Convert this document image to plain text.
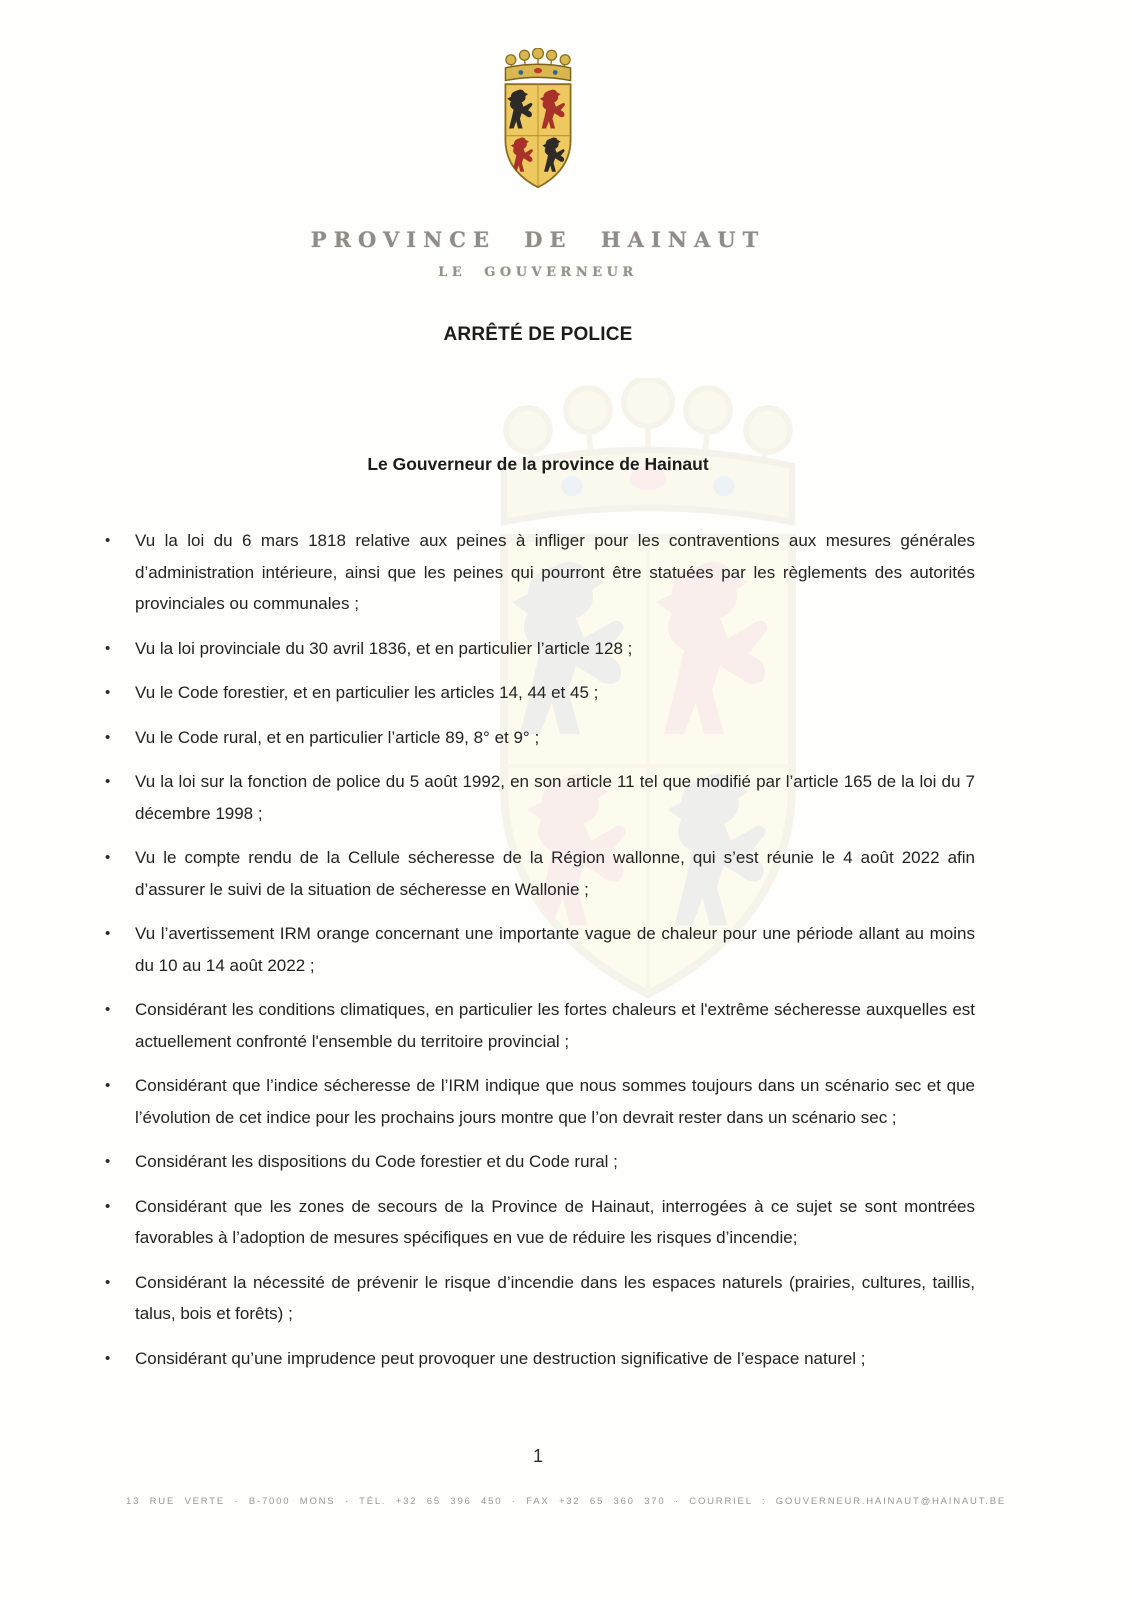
PROVINCE DE HAINAUT
LE GOUVERNEUR
ARRÊTÉ DE POLICE
Le Gouverneur de la province de Hainaut
• Vu la loi du 6 mars 1818 relative aux peines à infliger pour les contraventions aux mesures générales d’administration intérieure, ainsi que les peines qui pourront être statuées par les règlements des autorités provinciales ou communales ;
• Vu la loi provinciale du 30 avril 1836, et en particulier l’article 128 ;
• Vu le Code forestier, et en particulier les articles 14, 44 et 45 ;
• Vu le Code rural, et en particulier l’article 89, 8° et 9° ;
• Vu la loi sur la fonction de police du 5 août 1992, en son article 11 tel que modifié par l’article 165 de la loi du 7 décembre 1998 ;
• Vu le compte rendu de la Cellule sécheresse de la Région wallonne, qui s’est réunie le 4 août 2022 afin d’assurer le suivi de la situation de sécheresse en Wallonie ;
• Vu l’avertissement IRM orange concernant une importante vague de chaleur pour une période allant au moins du 10 au 14 août 2022 ;
• Considérant les conditions climatiques, en particulier les fortes chaleurs et l'extrême sécheresse auxquelles est actuellement confronté l'ensemble du territoire provincial ;
• Considérant que l’indice sécheresse de l’IRM indique que nous sommes toujours dans un scénario sec et que l’évolution de cet indice pour les prochains jours montre que l’on devrait rester dans un scénario sec ;
• Considérant les dispositions du Code forestier et du Code rural ;
• Considérant que les zones de secours de la Province de Hainaut, interrogées à ce sujet se sont montrées favorables à l’adoption de mesures spécifiques en vue de réduire les risques d’incendie;
• Considérant la nécessité de prévenir le risque d’incendie dans les espaces naturels (prairies, cultures, taillis, talus, bois et forêts) ;
• Considérant qu’une imprudence peut provoquer une destruction significative de l’espace naturel ;
1
13 RUE VERTE · B-7000 MONS · TÉL. +32 65 396 450 · FAX +32 65 360 370 · COURRIEL : GOUVERNEUR.HAINAUT@HAINAUT.BE
